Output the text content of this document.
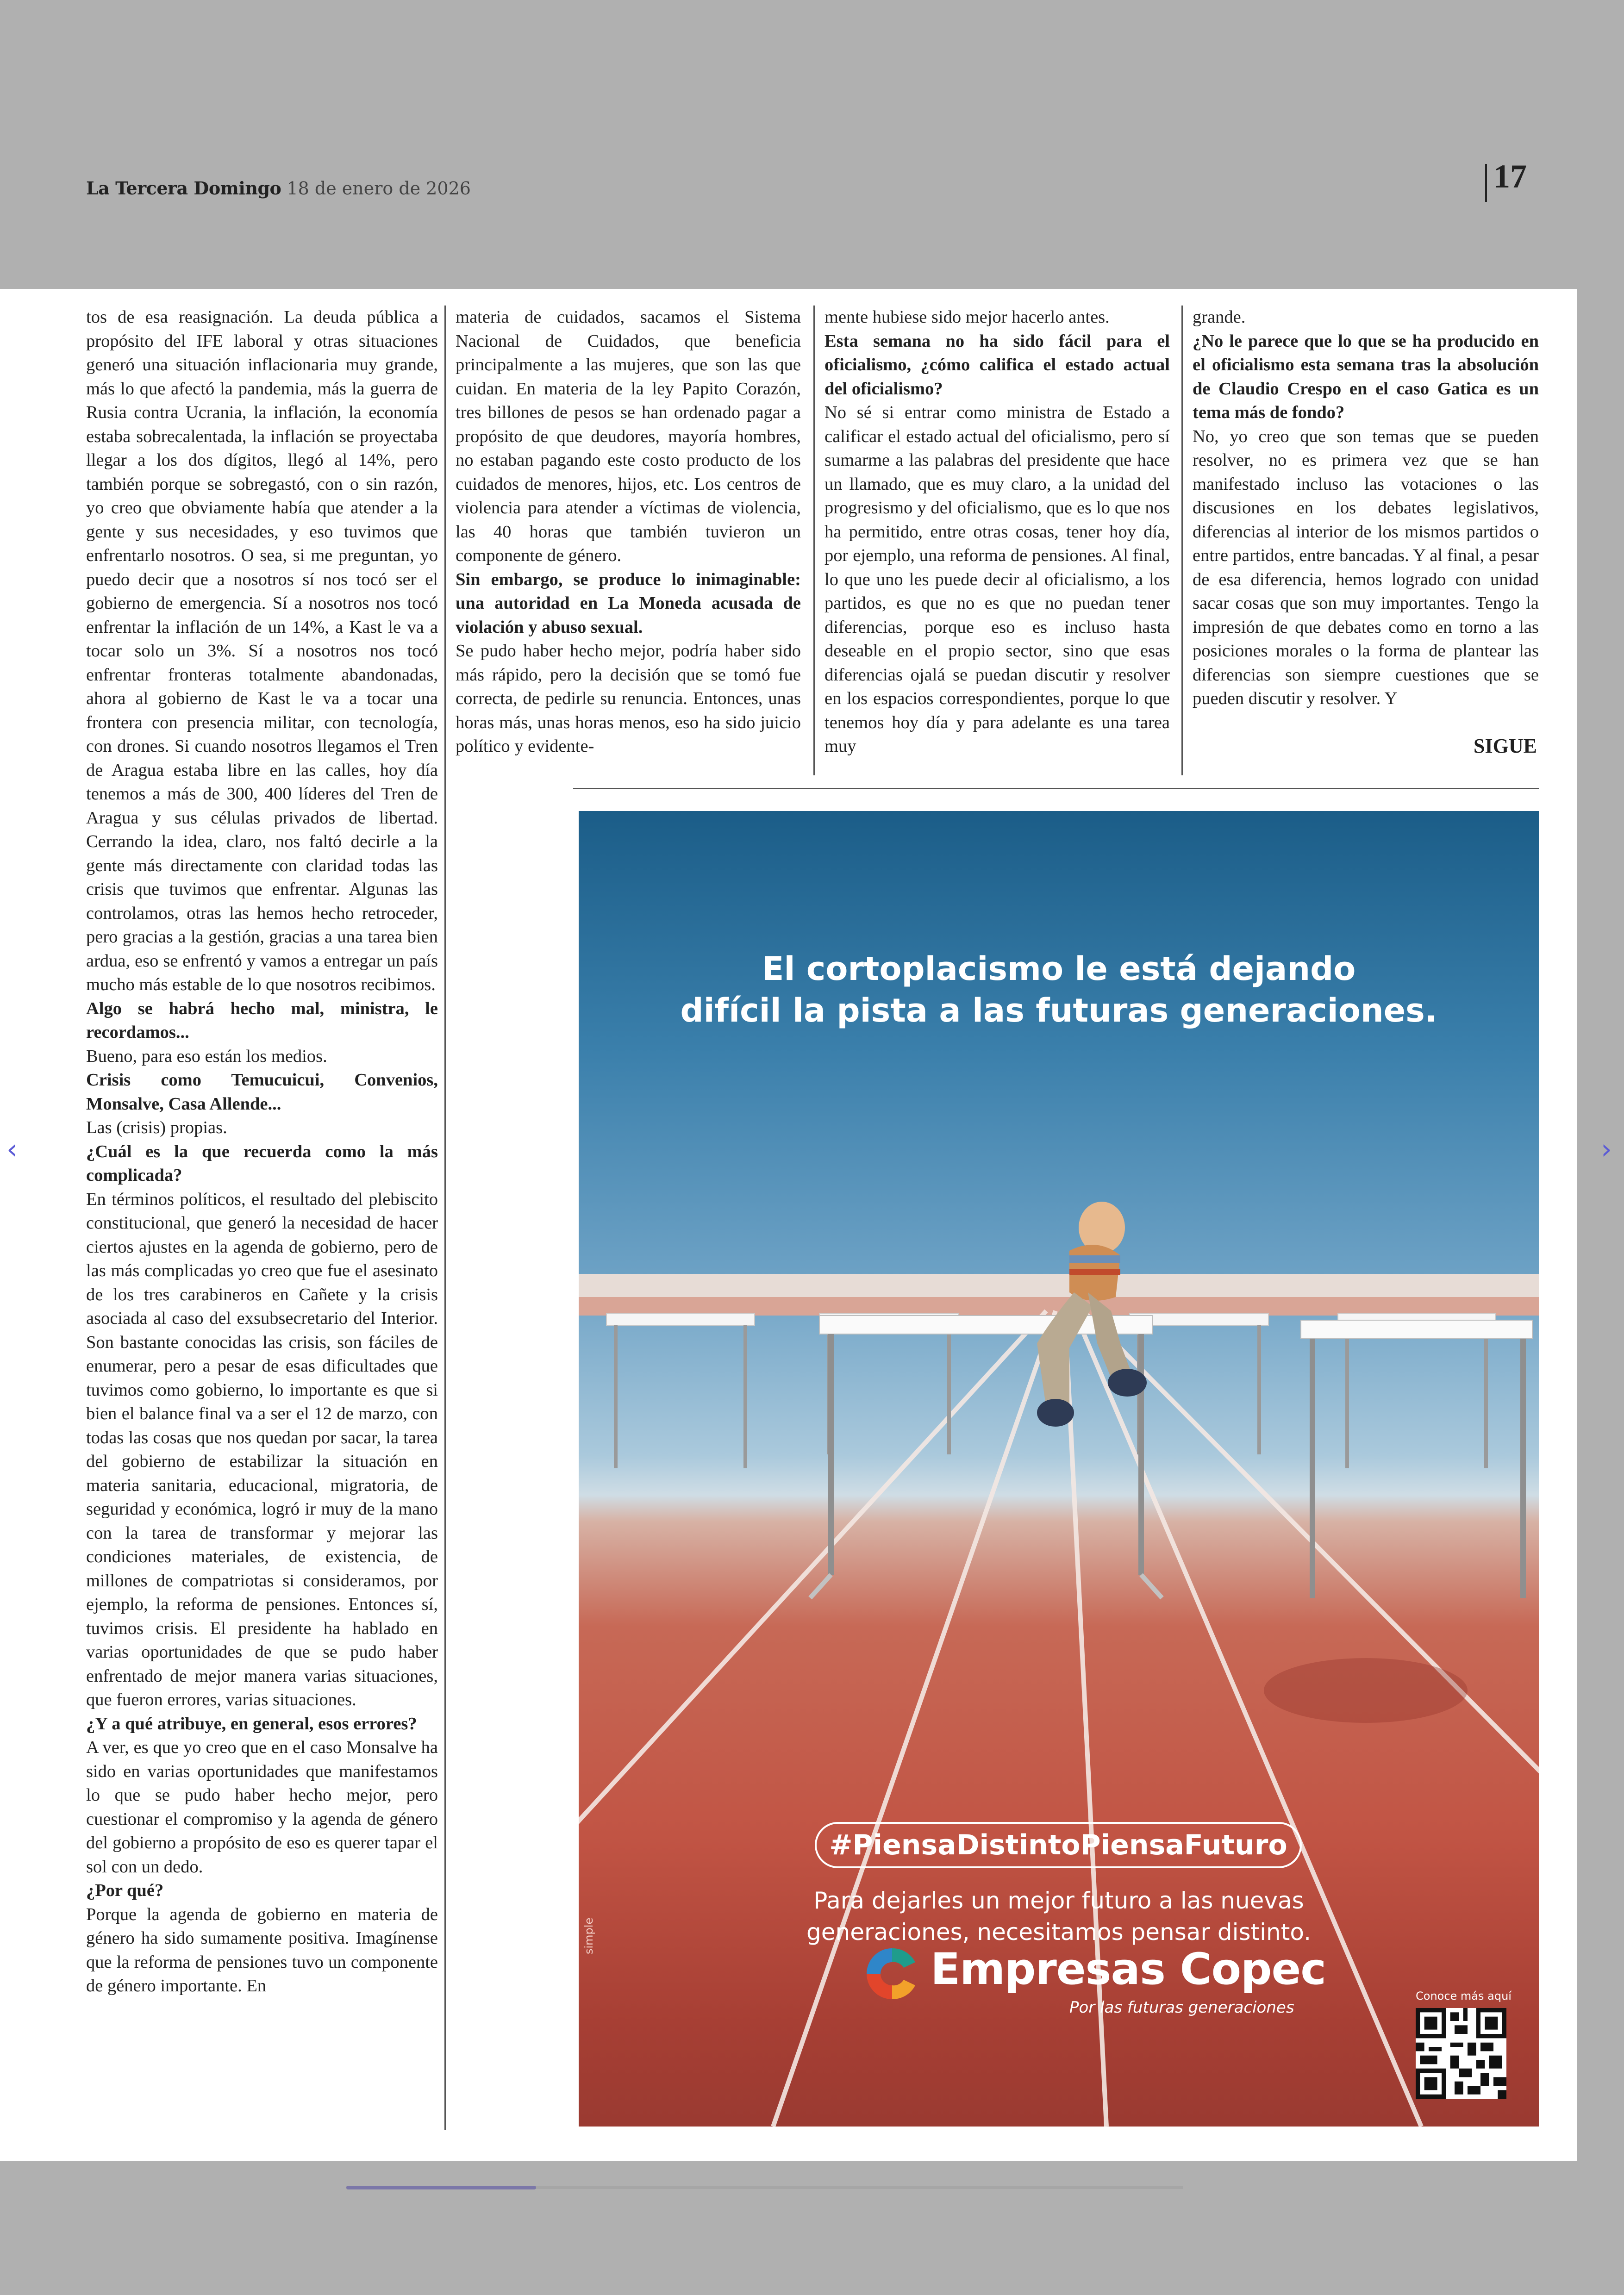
La Tercera Domingo 18 de enero de 2026	17

tos de esa reasignación. La deuda pública a propósito del IFE laboral y otras situaciones generó una situación inflacionaria muy grande, más lo que afectó la pandemia, más la guerra de Rusia contra Ucrania, la inflación, la economía estaba sobrecalentada, la inflación se proyectaba llegar a los dos dígitos, llegó al 14%, pero también porque se sobregastó, con o sin razón, yo creo que obviamente había que atender a la gente y sus necesidades, y eso tuvimos que enfrentarlo nosotros. O sea, si me preguntan, yo puedo decir que a nosotros sí nos tocó ser el gobierno de emergencia. Sí a nosotros nos tocó enfrentar la inflación de un 14%, a Kast le va a tocar solo un 3%. Sí a nosotros nos tocó enfrentar fronteras totalmente abandonadas, ahora al gobierno de Kast le va a tocar una frontera con presencia militar, con tecnología, con drones. Si cuando nosotros llegamos el Tren de Aragua estaba libre en las calles, hoy día tenemos a más de 300, 400 líderes del Tren de Aragua y sus células privados de libertad. Cerrando la idea, claro, nos faltó decirle a la gente más directamente con claridad todas las crisis que tuvimos que enfrentar. Algunas las controlamos, otras las hemos hecho retroceder, pero gracias a la gestión, gracias a una tarea bien ardua, eso se enfrentó y vamos a entregar un país mucho más estable de lo que nosotros recibimos.

Algo se habrá hecho mal, ministra, le recordamos...

Bueno, para eso están los medios.

Crisis como Temucuicui, Convenios, Monsalve, Casa Allende...

Las (crisis) propias.

¿Cuál es la que recuerda como la más complicada?

En términos políticos, el resultado del plebiscito constitucional, que generó la necesidad de hacer ciertos ajustes en la agenda de gobierno, pero de las más complicadas yo creo que fue el asesinato de los tres carabineros en Cañete y la crisis asociada al caso del exsubsecretario del Interior. Son bastante conocidas las crisis, son fáciles de enumerar, pero a pesar de esas dificultades que tuvimos como gobierno, lo importante es que si bien el balance final va a ser el 12 de marzo, con todas las cosas que nos quedan por sacar, la tarea del gobierno de estabilizar la situación en materia sanitaria, educacional, migratoria, de seguridad y económica, logró ir muy de la mano con la tarea de transformar y mejorar las condiciones materiales, de existencia, de millones de compatriotas si consideramos, por ejemplo, la reforma de pensiones. Entonces sí, tuvimos crisis. El presidente ha hablado en varias oportunidades de que se pudo haber enfrentado de mejor manera varias situaciones, que fueron errores, varias situaciones.

¿Y a qué atribuye, en general, esos errores?

A ver, es que yo creo que en el caso Monsalve ha sido en varias oportunidades que manifestamos lo que se pudo haber hecho mejor, pero cuestionar el compromiso y la agenda de género del gobierno a propósito de eso es querer tapar el sol con un dedo.

¿Por qué?

Porque la agenda de gobierno en materia de género ha sido sumamente positiva. Imagínense que la reforma de pensiones tuvo un componente de género importante. En

materia de cuidados, sacamos el Sistema Nacional de Cuidados, que beneficia principalmente a las mujeres, que son las que cuidan. En materia de la ley Papito Corazón, tres billones de pesos se han ordenado pagar a propósito de que deudores, mayoría hombres, no estaban pagando este costo producto de los cuidados de menores, hijos, etc. Los centros de violencia para atender a víctimas de violencia, las 40 horas que también tuvieron un componente de género.

Sin embargo, se produce lo inimaginable: una autoridad en La Moneda acusada de violación y abuso sexual.

Se pudo haber hecho mejor, podría haber sido más rápido, pero la decisión que se tomó fue correcta, de pedirle su renuncia. Entonces, unas horas más, unas horas menos, eso ha sido juicio político y evidente-

mente hubiese sido mejor hacerlo antes.

Esta semana no ha sido fácil para el oficialismo, ¿cómo califica el estado actual del oficialismo?

No sé si entrar como ministra de Estado a calificar el estado actual del oficialismo, pero sí sumarme a las palabras del presidente que hace un llamado, que es muy claro, a la unidad del progresismo y del oficialismo, que es lo que nos ha permitido, entre otras cosas, tener hoy día, por ejemplo, una reforma de pensiones. Al final, lo que uno les puede decir al oficialismo, a los partidos, es que no es que no puedan tener diferencias, porque eso es incluso hasta deseable en el propio sector, sino que esas diferencias ojalá se puedan discutir y resolver en los espacios correspondientes, porque lo que tenemos hoy día y para adelante es una tarea muy

grande.

¿No le parece que lo que se ha producido en el oficialismo esta semana tras la absolución de Claudio Crespo en el caso Gatica es un tema más de fondo?

No, yo creo que son temas que se pueden resolver, no es primera vez que se han manifestado incluso las votaciones o las discusiones en los debates legislativos, diferencias al interior de los mismos partidos o entre partidos, entre bancadas. Y al final, a pesar de esa diferencia, hemos logrado con unidad sacar cosas que son muy importantes. Tengo la impresión de que debates como en torno a las posiciones morales o la forma de plantear las diferencias son siempre cuestiones que se pueden discutir y resolver. Y

SIGUE
El cortoplacismo le está dejando
difícil la pista a las futuras generaciones.
#PiensaDistintoPiensaFuturo
Para dejarles un mejor futuro a las nuevas
generaciones, necesitamos pensar distinto.
Empresas Copec
Por las futuras generaciones
Conoce más aquí
simple
‹	›
